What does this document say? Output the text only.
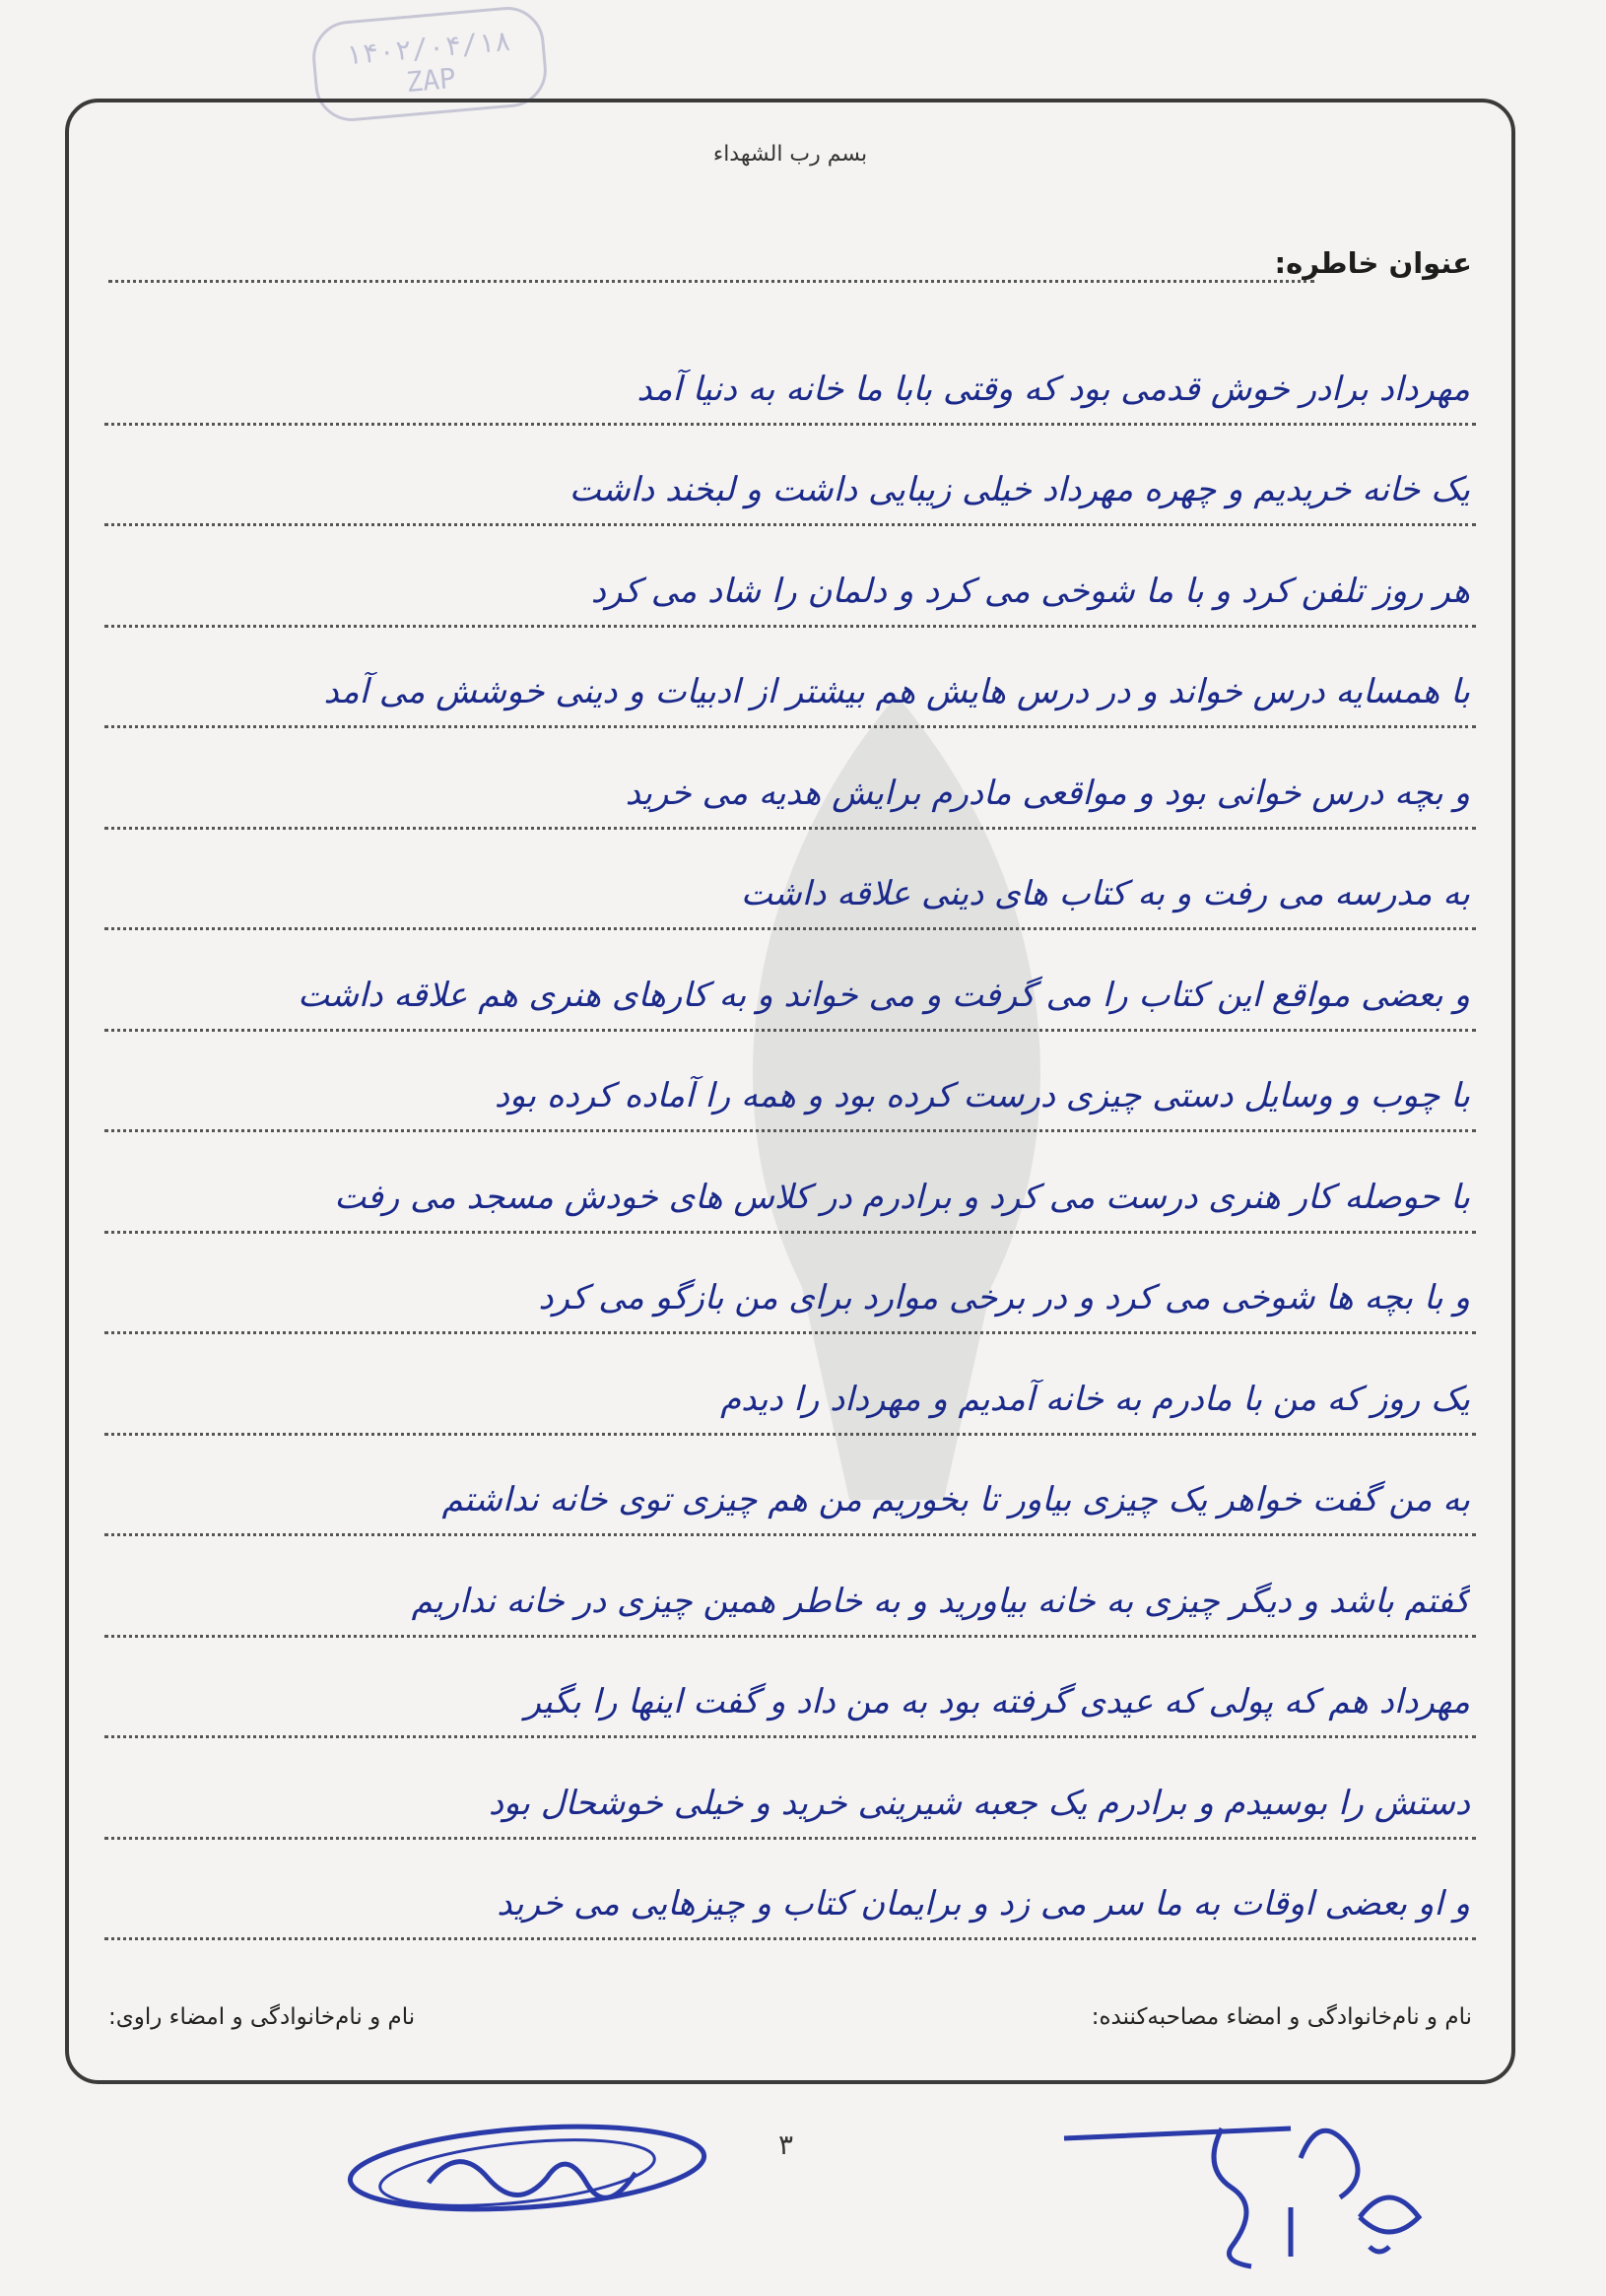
۱۴۰۲/۰۴/۱۸
ZAP
بسم رب الشهداء
عنوان خاطره:
مهرداد برادر خوش قدمی بود که وقتی بابا ما خانه به دنیا آمد
یک خانه خریدیم و چهره مهرداد خیلی زیبایی داشت و لبخند داشت
هر روز تلفن کرد و با ما شوخی می کرد و دلمان را شاد می کرد
با همسایه درس خواند و در درس هایش هم بیشتر از ادبیات و دینی خوشش می آمد
و بچه درس خوانی بود و مواقعی مادرم برایش هدیه می خرید
به مدرسه می رفت و به کتاب های دینی علاقه داشت
و بعضی مواقع این کتاب را می گرفت و می خواند و به کارهای هنری هم علاقه داشت
با چوب و وسایل دستی چیزی درست کرده بود و همه را آماده کرده بود
با حوصله کار هنری درست می کرد و برادرم در کلاس های خودش مسجد می رفت
و با بچه ها شوخی می کرد و در برخی موارد برای من بازگو می کرد
یک روز که من با مادرم به خانه آمدیم و مهرداد را دیدم
به من گفت خواهر یک چیزی بیاور تا بخوریم من هم چیزی توی خانه نداشتم
گفتم باشد و دیگر چیزی به خانه بیاورید و به خاطر همین چیزی در خانه نداریم
مهرداد هم که پولی که عیدی گرفته بود به من داد و گفت اینها را بگیر
دستش را بوسیدم و برادرم یک جعبه شیرینی خرید و خیلی خوشحال بود
و او بعضی اوقات به ما سر می زد و برایمان کتاب و چیزهایی می خرید
نام و نام‌خانوادگی و امضاء مصاحبه‌کننده:
نام و نام‌خانوادگی و امضاء راوی:
۳
